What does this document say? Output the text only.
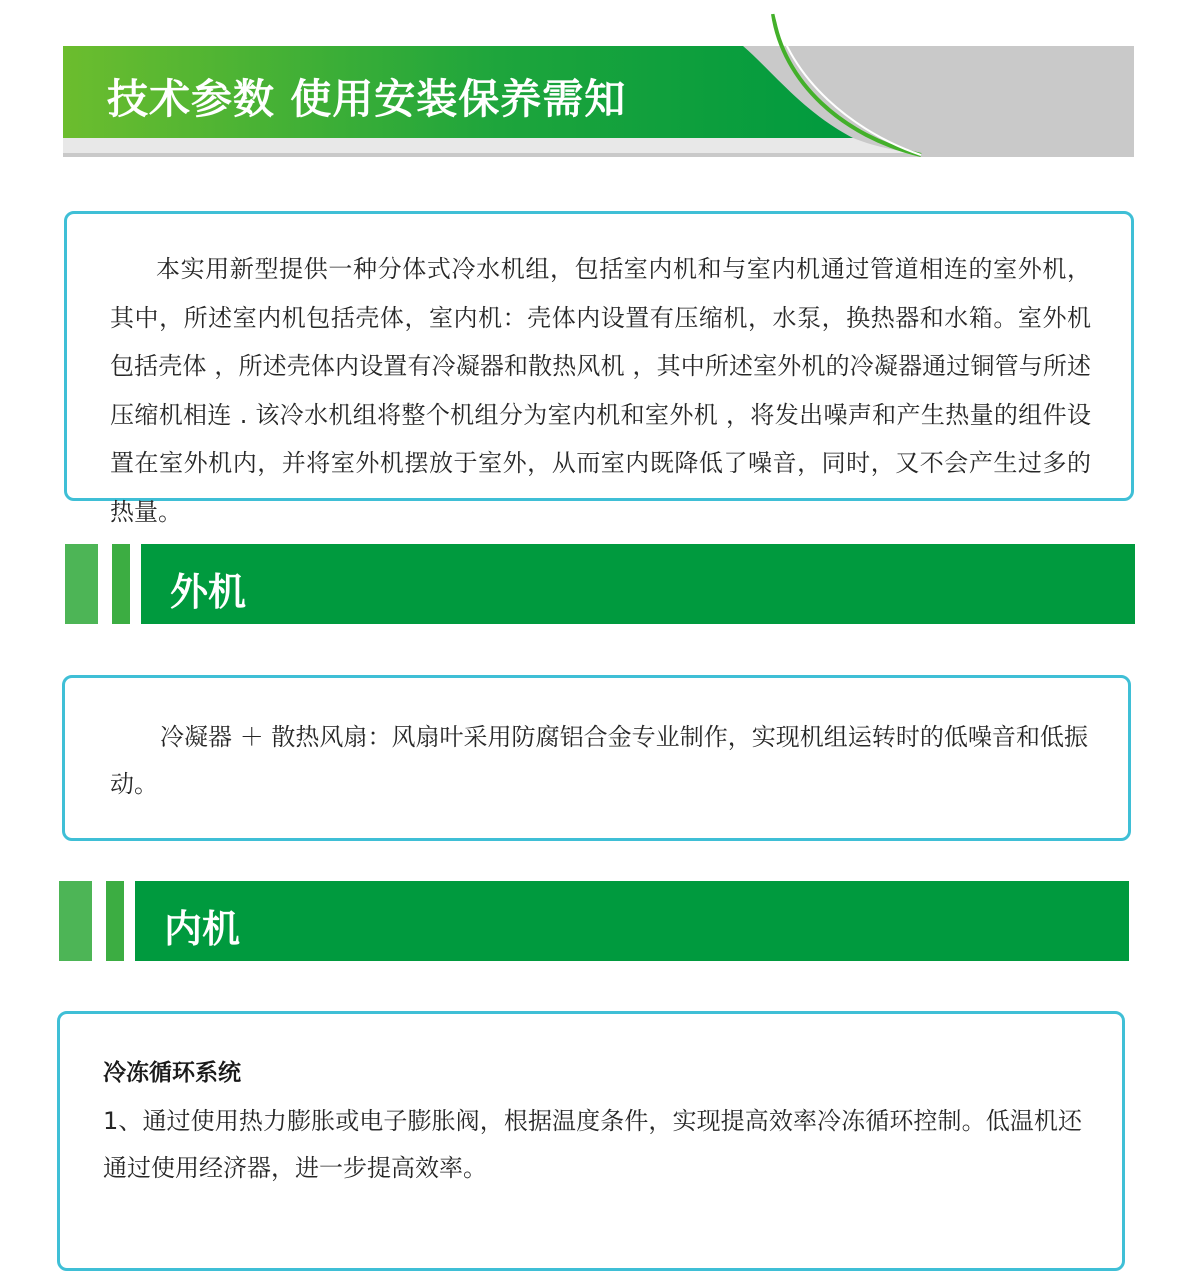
技术参数 使用安装保养需知

本实用新型提供一种分体式冷水机组，包括室内机和与室内机通过管道相连的室外机，其中，所述室内机包括壳体，室内机：壳体内设置有压缩机，水泵，换热器和水箱。室外机包括壳体 ，所述壳体内设置有冷凝器和散热风机 ，其中所述室外机的冷凝器通过铜管与所述压缩机相连 . 该冷水机组将整个机组分为室内机和室外机 ，将发出噪声和产生热量的组件设置在室外机内，并将室外机摆放于室外，从而室内既降低了噪音，同时，又不会产生过多的热量。

外机

冷凝器 ＋ 散热风扇：风扇叶采用防腐铝合金专业制作，实现机组运转时的低噪音和低振动。

内机
冷冻循环系统

1、通过使用热力膨胀或电子膨胀阀，根据温度条件，实现提高效率冷冻循环控制。低温机还通过使用经济器，进一步提高效率。
